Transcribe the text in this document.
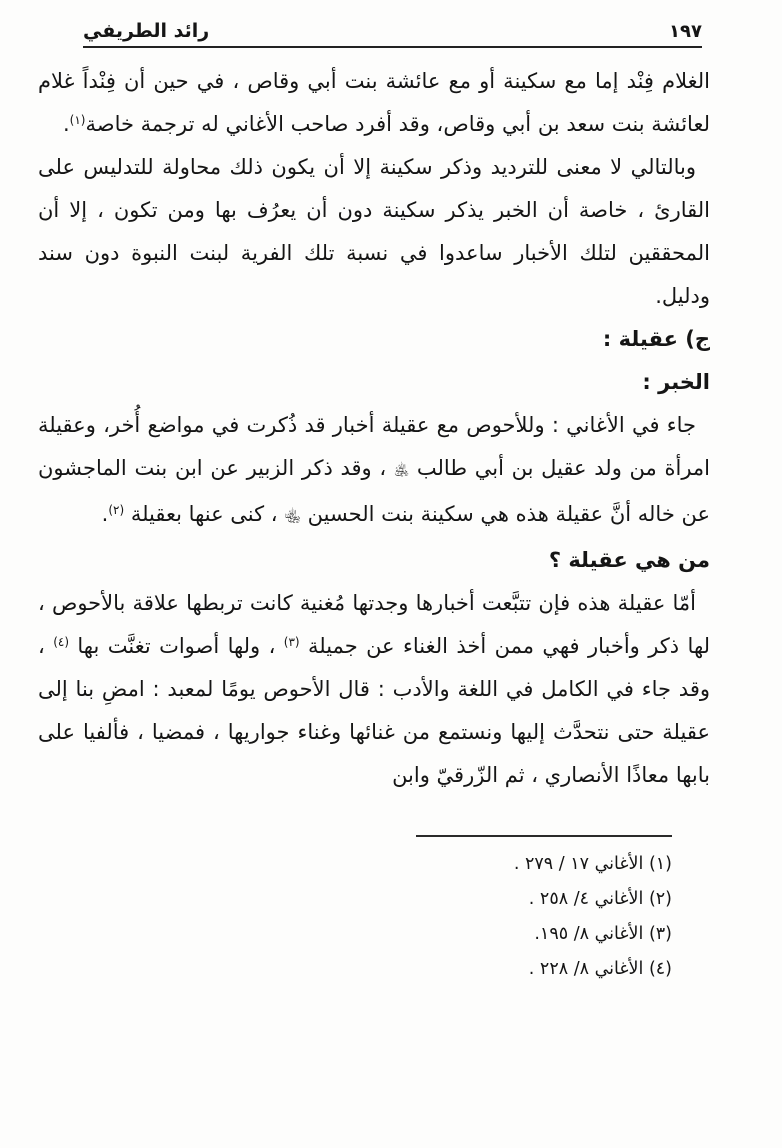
رائد الطريفي	١٩٧

الغلام فِنْد إما مع سكينة أو مع عائشة بنت أبي وقاص ، في حين أن فِنْداً غلام لعائشة بنت سعد بن أبي وقاص، وقد أفرد صاحب الأغاني له ترجمة خاصة$^{(١)}$.

وبالتالي لا معنى للترديد وذكر سكينة إلا أن يكون ذلك محاولة للتدليس على القارئ ، خاصة أن الخبر يذكر سكينة دون أن يعرُف بها ومن تكون ، إلا أن المحققين لتلك الأخبار ساعدوا في نسبة تلك الفرية لبنت النبوة دون سند ودليل.

ج) عقيلة :
الخبر :

جاء في الأغاني : وللأحوص مع عقيلة أخبار قد ذُكرت في مواضع أُخر، وعقيلة امرأة من ولد عقيل بن أبي طالب ﵁ ، وقد ذكر الزبير عن ابن بنت الماجشون عن خاله أنَّ عقيلة هذه هي سكينة بنت الحسين ﵄ ، كنى عنها بعقيلة $^{(٢)}$.

من هي عقيلة ؟

أمّا عقيلة هذه فإن تتبَّعت أخبارها وجدتها مُغنية كانت تربطها علاقة بالأحوص ، لها ذكر وأخبار فهي ممن أخذ الغناء عن جميلة $^{(٣)}$ ، ولها أصوات تغنَّت بها $^{(٤)}$ ، وقد جاء في الكامل في اللغة والأدب : قال الأحوص يومًا لمعبد : امضِ بنا إلى عقيلة حتى نتحدَّث إليها ونستمع من غنائها وغناء جواريها ، فمضيا ، فألفيا على بابها معاذًا الأنصاري ، ثم الزّرقيّ وابن

(١) الأغاني ١٧ / ٢٧٩ .
(٢) الأغاني ٤/ ٢٥٨ .
(٣) الأغاني ٨/ ١٩٥.
(٤) الأغاني ٨/ ٢٢٨ .
